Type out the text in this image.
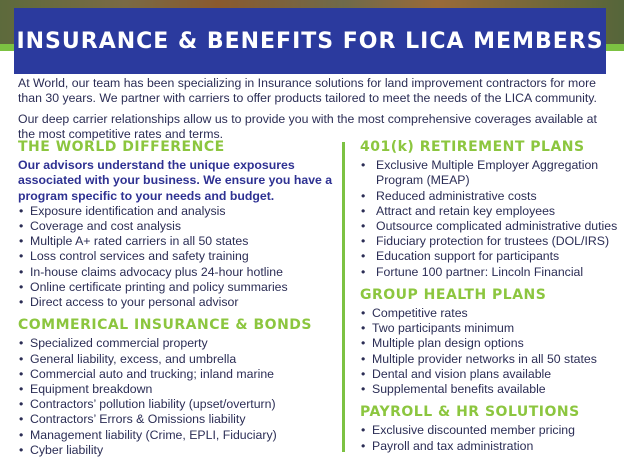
INSURANCE & BENEFITS FOR LICA MEMBERS

At World, our team has been specializing in Insurance solutions for land improvement contractors for more than 30 years. We partner with carriers to offer products tailored to meet the needs of the LICA community.

Our deep carrier relationships allow us to provide you with the most comprehensive coverages available at the most competitive rates and terms.

THE WORLD DIFFERENCE

Our advisors understand the unique exposures associated with your business. We ensure you have a program specific to your needs and budget.

• Exposure identification and analysis
• Coverage and cost analysis
• Multiple A+ rated carriers in all 50 states
• Loss control services and safety training
• In-house claims advocacy plus 24-hour hotline
• Online certificate printing and policy summaries
• Direct access to your personal advisor
COMMERICAL INSURANCE & BONDS
• Specialized commercial property
• General liability, excess, and umbrella
• Commercial auto and trucking; inland marine
• Equipment breakdown
• Contractors’ pollution liability (upset/overturn)
• Contractors’ Errors & Omissions liability
• Management liability (Crime, EPLI, Fiduciary)
• Cyber liability
401(k) RETIREMENT PLANS
• Exclusive Multiple Employer Aggregation Program (MEAP)
• Reduced administrative costs
• Attract and retain key employees
• Outsource complicated administrative duties
• Fiduciary protection for trustees (DOL/IRS)
• Education support for participants
• Fortune 100 partner: Lincoln Financial
GROUP HEALTH PLANS
• Competitive rates
• Two participants minimum
• Multiple plan design options
• Multiple provider networks in all 50 states
• Dental and vision plans available
• Supplemental benefits available
PAYROLL & HR SOLUTIONS
• Exclusive discounted member pricing
• Payroll and tax administration
